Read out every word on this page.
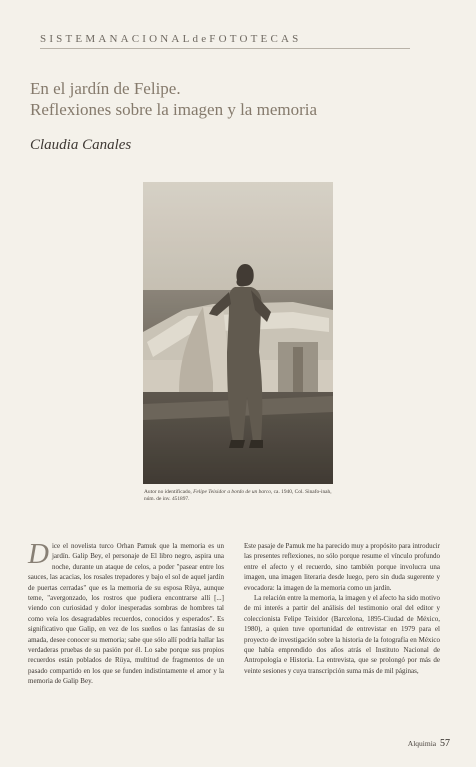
SISTEMANACIONALdeFOTOTECAS
En el jardín de Felipe.
Reflexiones sobre la imagen y la memoria

Claudia Canales

Autor no identificado, Felipe Teixidor a bordo de un barco, ca. 1940, Col. Sinafo-inah, núm. de inv. 451897.

Dice el novelista turco Orhan Pamuk que la memoria es un jardín. Galip Bey, el personaje de El libro negro, aspira una noche, durante un ataque de celos, a poder "pasear entre los sauces, las acacias, los rosales trepadores y bajo el sol de aquel jardín de puertas cerradas" que es la memoria de su esposa Rüya, aunque teme, "avergonzado, los rostros que pudiera encontrarse allí [...] viendo con curiosidad y dolor inesperadas sombras de hombres tal como veía los desagradables recuerdos, conocidos y esperados". Es significativo que Galip, en vez de los sueños o las fantasías de su amada, desee conocer su memoria; sabe que sólo allí podría hallar las verdaderas pruebas de su pasión por él. Lo sabe porque sus propios recuerdos están poblados de Rüya, multitud de fragmentos de un pasado compartido en los que se funden indistintamente el amor y la memoria de Galip Bey.

Este pasaje de Pamuk me ha parecido muy a propósito para introducir las presentes reflexiones, no sólo porque resume el vínculo profundo entre el afecto y el recuerdo, sino también porque involucra una imagen, una imagen literaria desde luego, pero sin duda sugerente y evocadora: la imagen de la memoria como un jardín.

La relación entre la memoria, la imagen y el afecto ha sido motivo de mi interés a partir del análisis del testimonio oral del editor y coleccionista Felipe Teixidor (Barcelona, 1895-Ciudad de México, 1980), a quien tuve oportunidad de entrevistar en 1979 para el proyecto de investigación sobre la historia de la fotografía en México que había emprendido dos años atrás el Instituto Nacional de Antropología e Historia. La entrevista, que se prolongó por más de veinte sesiones y cuya transcripción suma más de mil páginas,

Alquimia 57
